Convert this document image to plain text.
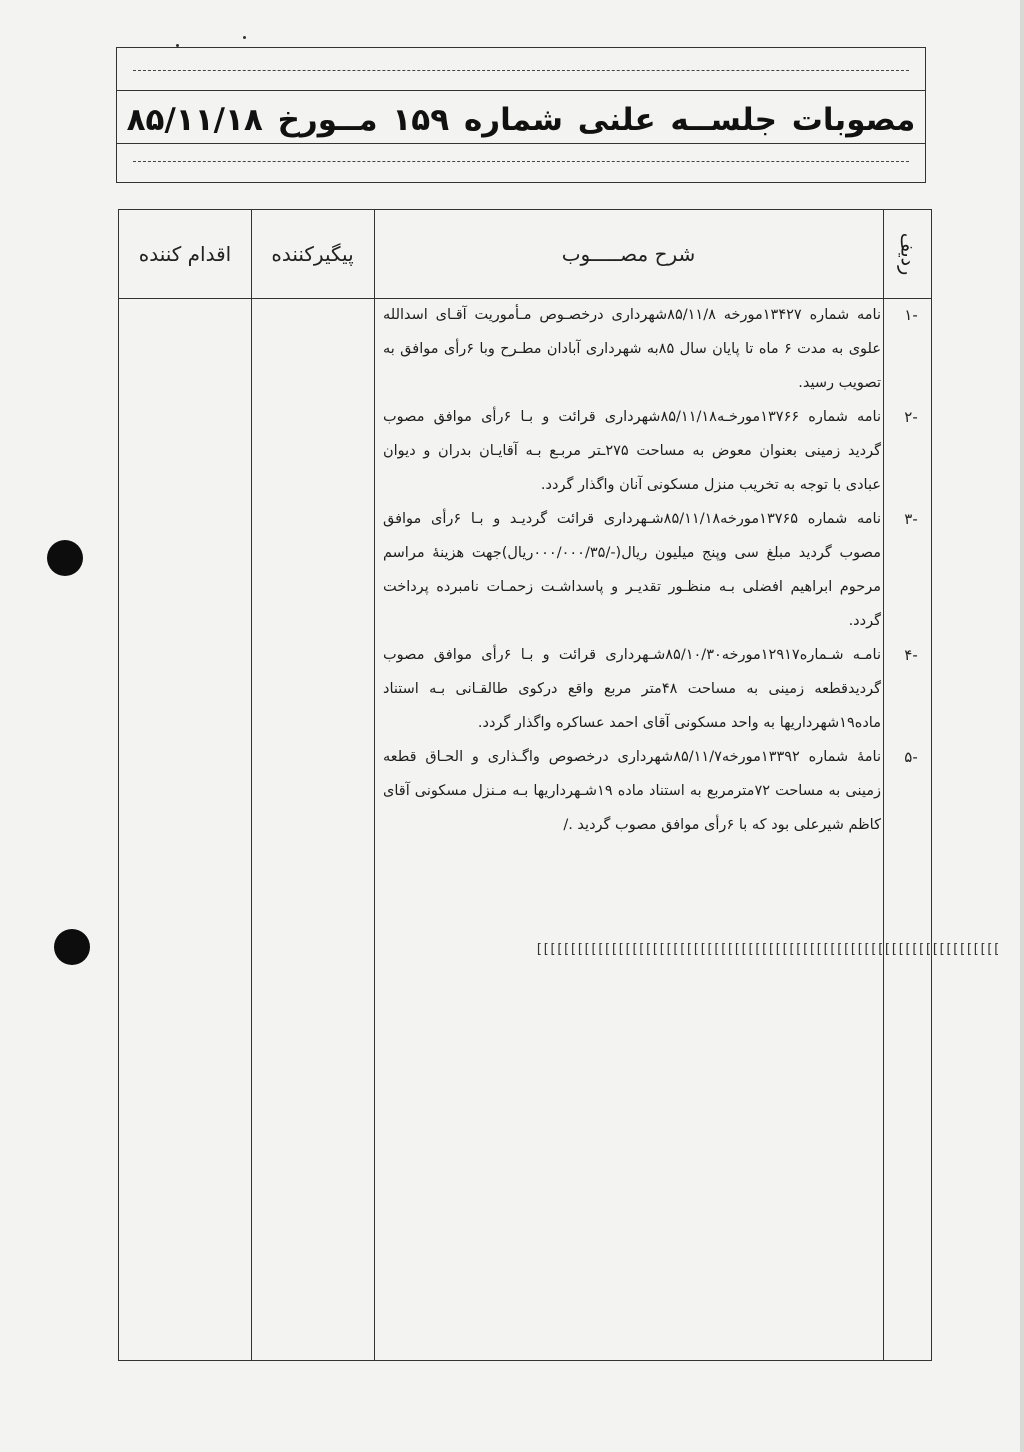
مصوبات جلســه علنی شماره ۱۵۹ مــورخ ۸۵/۱۱/۱۸
اقدام کننده	پیگیرکننده	شرح مصـــــوب	ردیف
-۱
نامه شماره ۱۳۴۲۷مورخه ۸۵/۱۱/۸شهرداری درخصـوص مـأموریت آقـای اسدالله علوی به مدت ۶ ماه تا پایان سال ۸۵به شهرداری آبادان مطـرح وبا ۶رأی موافق به تصویب رسید.
-۲
نامه شماره ۱۳۷۶۶مورخـه۸۵/۱۱/۱۸شهرداری قرائت و بـا ۶رأی موافق مصوب گردید زمینی بعنوان معوض به مساحت ۲۷۵ـتر مربـع بـه آقایـان بدران و دیوان عبادی با توجه به تخریب منزل مسکونی آنان واگذار گردد.
-۳
نامه شماره ۱۳۷۶۵مورخه۸۵/۱۱/۱۸شـهرداری قرائت گردیـد و بـا ۶رأی موافق مصوب گردید مبلغ سی وپنج میلیون ریال(-/۰۰۰/۰۰۰/۳۵ریال)جهت هزینۀ مراسم مرحوم ابراهیم افضلی بـه منظـور تقدیـر و پاسداشـت زحمـات نامبرده پرداخت گردد.
-۴
نامـه شـماره۱۲۹۱۷مورخه۸۵/۱۰/۳۰شـهرداری قرائت و بـا ۶رأی موافق مصوب گردیدقطعه زمینی به مساحت ۴۸متر مربع واقع درکوی طالقـانی بـه استناد ماده۱۹شهرداریها به واحد مسکونی آقای احمد عساکره واگذار گردد.
-۵
نامۀ شماره ۱۳۳۹۲مورخه۸۵/۱۱/۷شهرداری درخصوص واگـذاری و الحـاق قطعه زمینی به مساحت ۷۲مترمربع به استناد ماده ۱۹شـهرداریها بـه مـنزل مسکونی آقای کاظم شیرعلی بود که با ۶رأی موافق مصوب گردید ./
[[[[[[[[[[[[[[[[[[[[[[[[[[[[[[[[[[[[[[[[[[[[[[[[[[[[[[[[[[[[[[[[[[[[
